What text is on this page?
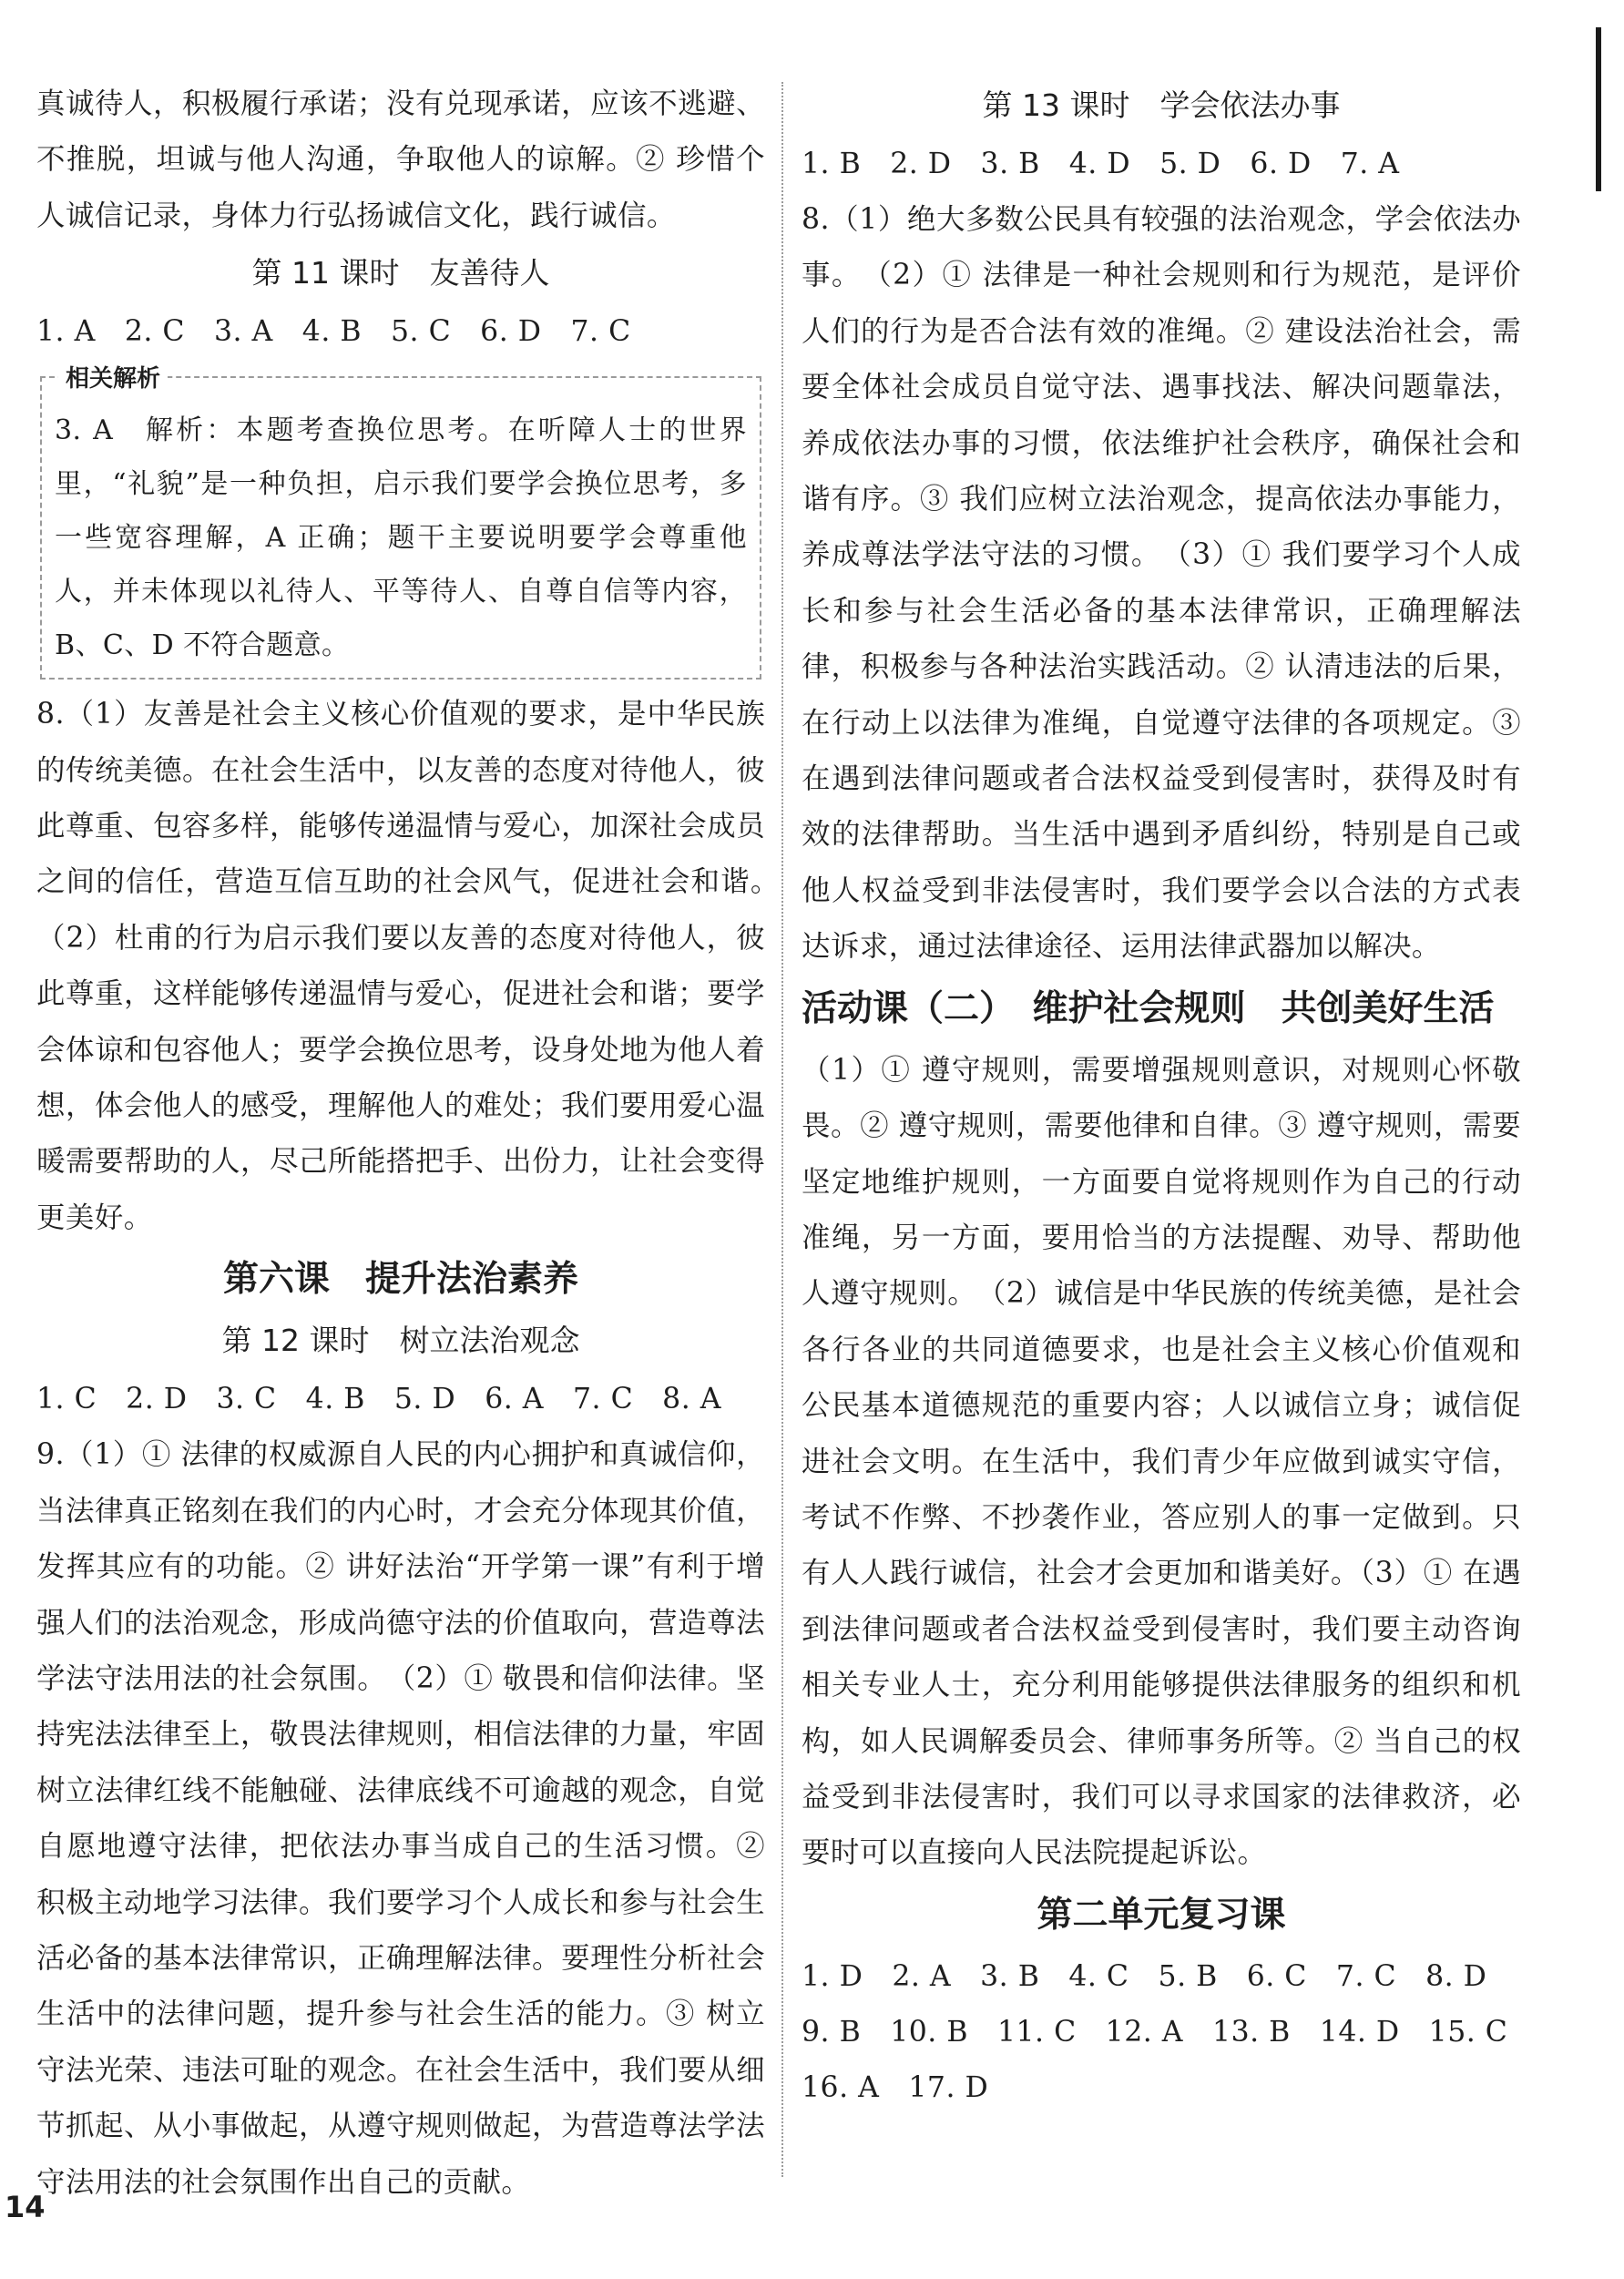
真诚待人，积极履行承诺；没有兑现承诺，应该不逃避、不推脱，坦诚与他人沟通，争取他人的谅解。② 珍惜个人诚信记录，身体力行弘扬诚信文化，践行诚信。

第 11 课时　友善待人

1. A　2. C　3. A　4. B　5. C　6. D　7. C

相关解析

3. A　解析：本题考查换位思考。在听障人士的世界里，“礼貌”是一种负担，启示我们要学会换位思考，多一些宽容理解，A 正确；题干主要说明要学会尊重他人，并未体现以礼待人、平等待人、自尊自信等内容，B、C、D 不符合题意。

8.（1）友善是社会主义核心价值观的要求，是中华民族的传统美德。在社会生活中，以友善的态度对待他人，彼此尊重、包容多样，能够传递温情与爱心，加深社会成员之间的信任，营造互信互助的社会风气，促进社会和谐。　（2）杜甫的行为启示我们要以友善的态度对待他人，彼此尊重，这样能够传递温情与爱心，促进社会和谐；要学会体谅和包容他人；要学会换位思考，设身处地为他人着想，体会他人的感受，理解他人的难处；我们要用爱心温暖需要帮助的人，尽己所能搭把手、出份力，让社会变得更美好。

第六课　提升法治素养
第 12 课时　树立法治观念

1. C　2. D　3. C　4. B　5. D　6. A　7. C　8. A

9.（1）① 法律的权威源自人民的内心拥护和真诚信仰，当法律真正铭刻在我们的内心时，才会充分体现其价值，发挥其应有的功能。② 讲好法治“开学第一课”有利于增强人们的法治观念，形成尚德守法的价值取向，营造尊法学法守法用法的社会氛围。　（2）① 敬畏和信仰法律。坚持宪法法律至上，敬畏法律规则，相信法律的力量，牢固树立法律红线不能触碰、法律底线不可逾越的观念，自觉自愿地遵守法律，把依法办事当成自己的生活习惯。② 积极主动地学习法律。我们要学习个人成长和参与社会生活必备的基本法律常识，正确理解法律。要理性分析社会生活中的法律问题，提升参与社会生活的能力。③ 树立守法光荣、违法可耻的观念。在社会生活中，我们要从细节抓起、从小事做起，从遵守规则做起，为营造尊法学法守法用法的社会氛围作出自己的贡献。

第 13 课时　学会依法办事

1. B　2. D　3. B　4. D　5. D　6. D　7. A

8.（1）绝大多数公民具有较强的法治观念，学会依法办事。　（2）① 法律是一种社会规则和行为规范，是评价人们的行为是否合法有效的准绳。② 建设法治社会，需要全体社会成员自觉守法、遇事找法、解决问题靠法，养成依法办事的习惯，依法维护社会秩序，确保社会和谐有序。③ 我们应树立法治观念，提高依法办事能力，养成尊法学法守法的习惯。　（3）① 我们要学习个人成长和参与社会生活必备的基本法律常识，正确理解法律，积极参与各种法治实践活动。② 认清违法的后果，在行动上以法律为准绳，自觉遵守法律的各项规定。③ 在遇到法律问题或者合法权益受到侵害时，获得及时有效的法律帮助。当生活中遇到矛盾纠纷，特别是自己或他人权益受到非法侵害时，我们要学会以合法的方式表达诉求，通过法律途径、运用法律武器加以解决。

活动课（二）　维护社会规则　共创美好生活

（1）① 遵守规则，需要增强规则意识，对规则心怀敬畏。② 遵守规则，需要他律和自律。③ 遵守规则，需要坚定地维护规则，一方面要自觉将规则作为自己的行动准绳，另一方面，要用恰当的方法提醒、劝导、帮助他人遵守规则。　（2）诚信是中华民族的传统美德，是社会各行各业的共同道德要求，也是社会主义核心价值观和公民基本道德规范的重要内容；人以诚信立身；诚信促进社会文明。在生活中，我们青少年应做到诚实守信，考试不作弊、不抄袭作业，答应别人的事一定做到。只有人人践行诚信，社会才会更加和谐美好。（3）① 在遇到法律问题或者合法权益受到侵害时，我们要主动咨询相关专业人士，充分利用能够提供法律服务的组织和机构，如人民调解委员会、律师事务所等。② 当自己的权益受到非法侵害时，我们可以寻求国家的法律救济，必要时可以直接向人民法院提起诉讼。

第二单元复习课

1. D　2. A　3. B　4. C　5. B　6. C　7. C　8. D

9. B　10. B　11. C　12. A　13. B　14. D　15. C

16. A　17. D

14
